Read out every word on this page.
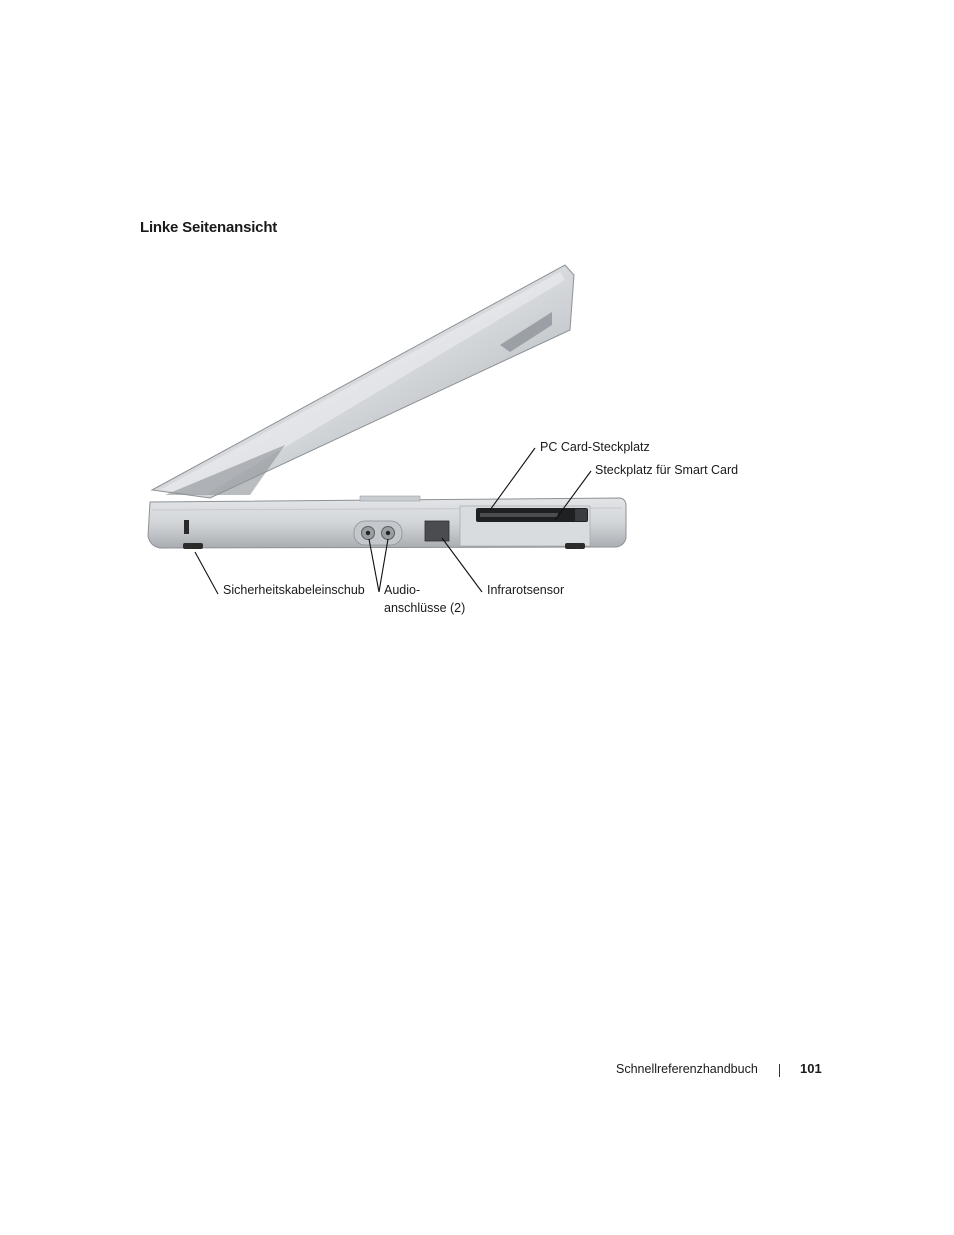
Linke Seitenansicht
PC Card-Steckplatz
Steckplatz für Smart Card
Sicherheitskabeleinschub Audio-
anschlüsse (2)
Infrarotsensor
Schnellreferenzhandbuch	101
